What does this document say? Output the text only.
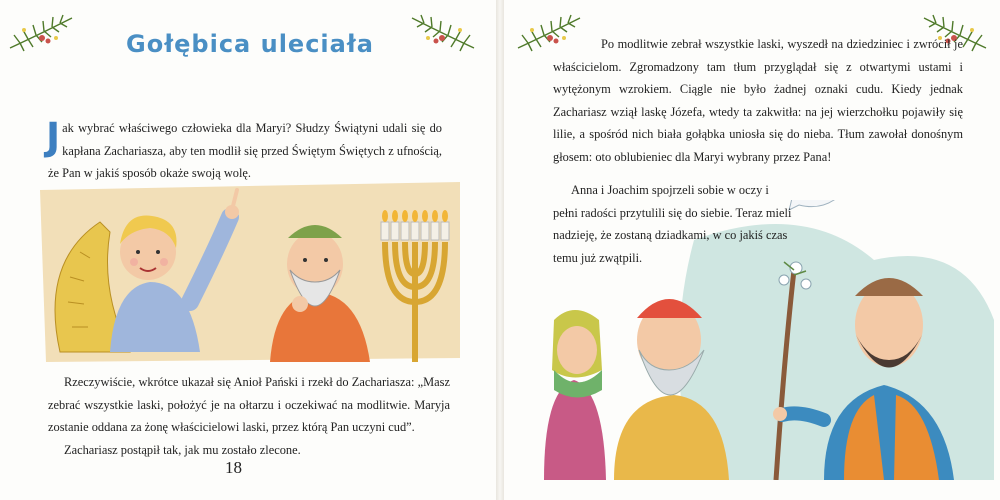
Gołębica uleciała
J ak wybrać właściwego człowieka dla Maryi? Słudzy Świątyni udali się do kapłana Zachariasza, aby ten modlił się przed Świętym Świętych z ufnością, że Pan w jakiś sposób okaże swoją wolę.

Rzeczywiście, wkrótce ukazał się Anioł Pański i rzekł do Zachariasza: „Masz zebrać wszystkie laski, położyć je na ołtarzu i oczekiwać na modlitwie. Maryja zostanie oddana za żonę właścicielowi laski, przez którą Pan uczyni cud”.

Zachariasz postąpił tak, jak mu zostało zlecone.

18

Po modlitwie zebrał wszystkie laski, wyszedł na dziedziniec i zwrócił je właścicielom. Zgromadzony tam tłum przyglądał się z otwartymi ustami i wytężonym wzrokiem. Ciągle nie było żadnej oznaki cudu. Kiedy jednak Zachariasz wziął laskę Józefa, wtedy ta zakwitła: na jej wierzchołku pojawiły się lilie, a spośród nich biała gołąbka uniosła się do nieba. Tłum zawołał donośnym głosem: oto oblubieniec dla Maryi wybrany przez Pana!

Anna i Joachim spojrzeli sobie w oczy i pełni radości przytulili się do siebie. Teraz mieli nadzieję, że zostaną dziadkami, w co jakiś czas temu już zwątpili.
